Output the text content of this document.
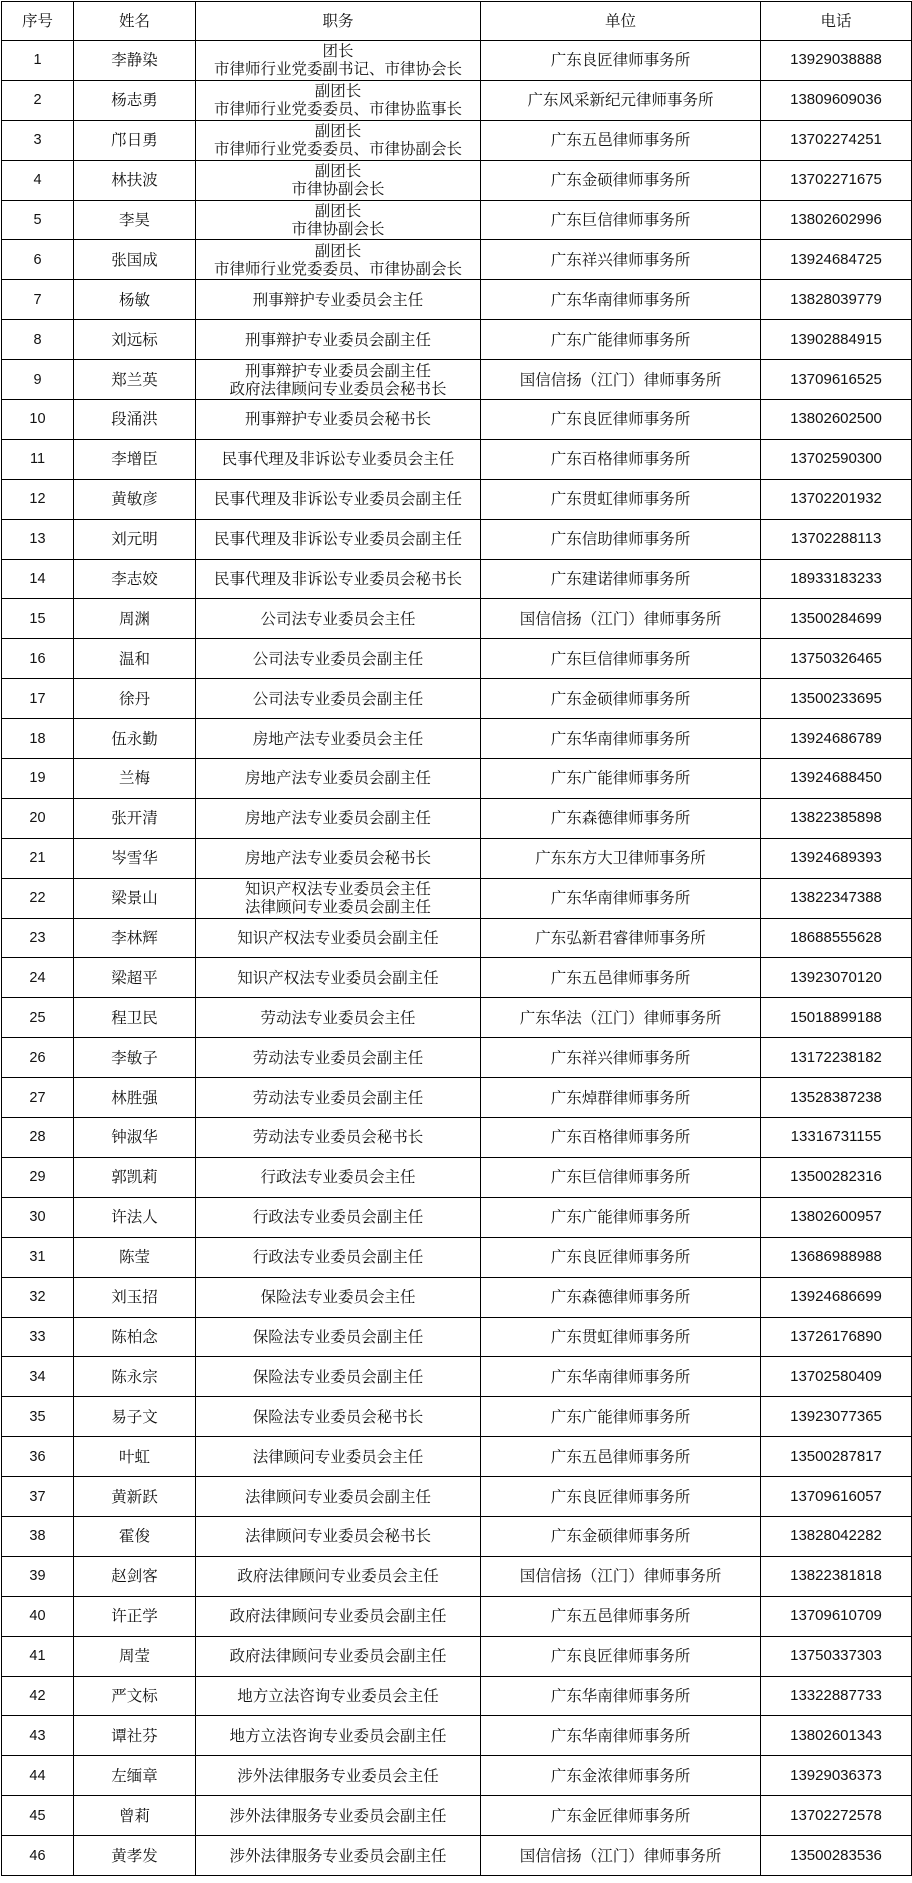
序号	姓名	职务	单位	电话
1	李静染	团长
市律师行业党委副书记、市律协会长	广东良匠律师事务所	13929038888
2	杨志勇	副团长
市律师行业党委委员、市律协监事长	广东风采新纪元律师事务所	13809609036
3	邝日勇	副团长
市律师行业党委委员、市律协副会长	广东五邑律师事务所	13702274251
4	林扶波	副团长
市律协副会长	广东金硕律师事务所	13702271675
5	李昊	副团长
市律协副会长	广东巨信律师事务所	13802602996
6	张国成	副团长
市律师行业党委委员、市律协副会长	广东祥兴律师事务所	13924684725
7	杨敏	刑事辩护专业委员会主任	广东华南律师事务所	13828039779
8	刘远标	刑事辩护专业委员会副主任	广东广能律师事务所	13902884915
9	郑兰英	刑事辩护专业委员会副主任
政府法律顾问专业委员会秘书长	国信信扬（江门）律师事务所	13709616525
10	段涌洪	刑事辩护专业委员会秘书长	广东良匠律师事务所	13802602500
11	李增臣	民事代理及非诉讼专业委员会主任	广东百格律师事务所	13702590300
12	黄敏彦	民事代理及非诉讼专业委员会副主任	广东贯虹律师事务所	13702201932
13	刘元明	民事代理及非诉讼专业委员会副主任	广东信助律师事务所	13702288113
14	李志姣	民事代理及非诉讼专业委员会秘书长	广东建诺律师事务所	18933183233
15	周渊	公司法专业委员会主任	国信信扬（江门）律师事务所	13500284699
16	温和	公司法专业委员会副主任	广东巨信律师事务所	13750326465
17	徐丹	公司法专业委员会副主任	广东金硕律师事务所	13500233695
18	伍永勤	房地产法专业委员会主任	广东华南律师事务所	13924686789
19	兰梅	房地产法专业委员会副主任	广东广能律师事务所	13924688450
20	张开清	房地产法专业委员会副主任	广东森德律师事务所	13822385898
21	岑雪华	房地产法专业委员会秘书长	广东东方大卫律师事务所	13924689393
22	梁景山	知识产权法专业委员会主任
法律顾问专业委员会副主任	广东华南律师事务所	13822347388
23	李林辉	知识产权法专业委员会副主任	广东弘新君睿律师事务所	18688555628
24	梁超平	知识产权法专业委员会副主任	广东五邑律师事务所	13923070120
25	程卫民	劳动法专业委员会主任	广东华法（江门）律师事务所	15018899188
26	李敏子	劳动法专业委员会副主任	广东祥兴律师事务所	13172238182
27	林胜强	劳动法专业委员会副主任	广东焯群律师事务所	13528387238
28	钟淑华	劳动法专业委员会秘书长	广东百格律师事务所	13316731155
29	郭凯莉	行政法专业委员会主任	广东巨信律师事务所	13500282316
30	许法人	行政法专业委员会副主任	广东广能律师事务所	13802600957
31	陈莹	行政法专业委员会副主任	广东良匠律师事务所	13686988988
32	刘玉招	保险法专业委员会主任	广东森德律师事务所	13924686699
33	陈柏念	保险法专业委员会副主任	广东贯虹律师事务所	13726176890
34	陈永宗	保险法专业委员会副主任	广东华南律师事务所	13702580409
35	易子文	保险法专业委员会秘书长	广东广能律师事务所	13923077365
36	叶虹	法律顾问专业委员会主任	广东五邑律师事务所	13500287817
37	黄新跃	法律顾问专业委员会副主任	广东良匠律师事务所	13709616057
38	霍俊	法律顾问专业委员会秘书长	广东金硕律师事务所	13828042282
39	赵剑客	政府法律顾问专业委员会主任	国信信扬（江门）律师事务所	13822381818
40	许正学	政府法律顾问专业委员会副主任	广东五邑律师事务所	13709610709
41	周莹	政府法律顾问专业委员会副主任	广东良匠律师事务所	13750337303
42	严文标	地方立法咨询专业委员会主任	广东华南律师事务所	13322887733
43	谭社芬	地方立法咨询专业委员会副主任	广东华南律师事务所	13802601343
44	左缅章	涉外法律服务专业委员会主任	广东金浓律师事务所	13929036373
45	曾莉	涉外法律服务专业委员会副主任	广东金匠律师事务所	13702272578
46	黄孝发	涉外法律服务专业委员会副主任	国信信扬（江门）律师事务所	13500283536
